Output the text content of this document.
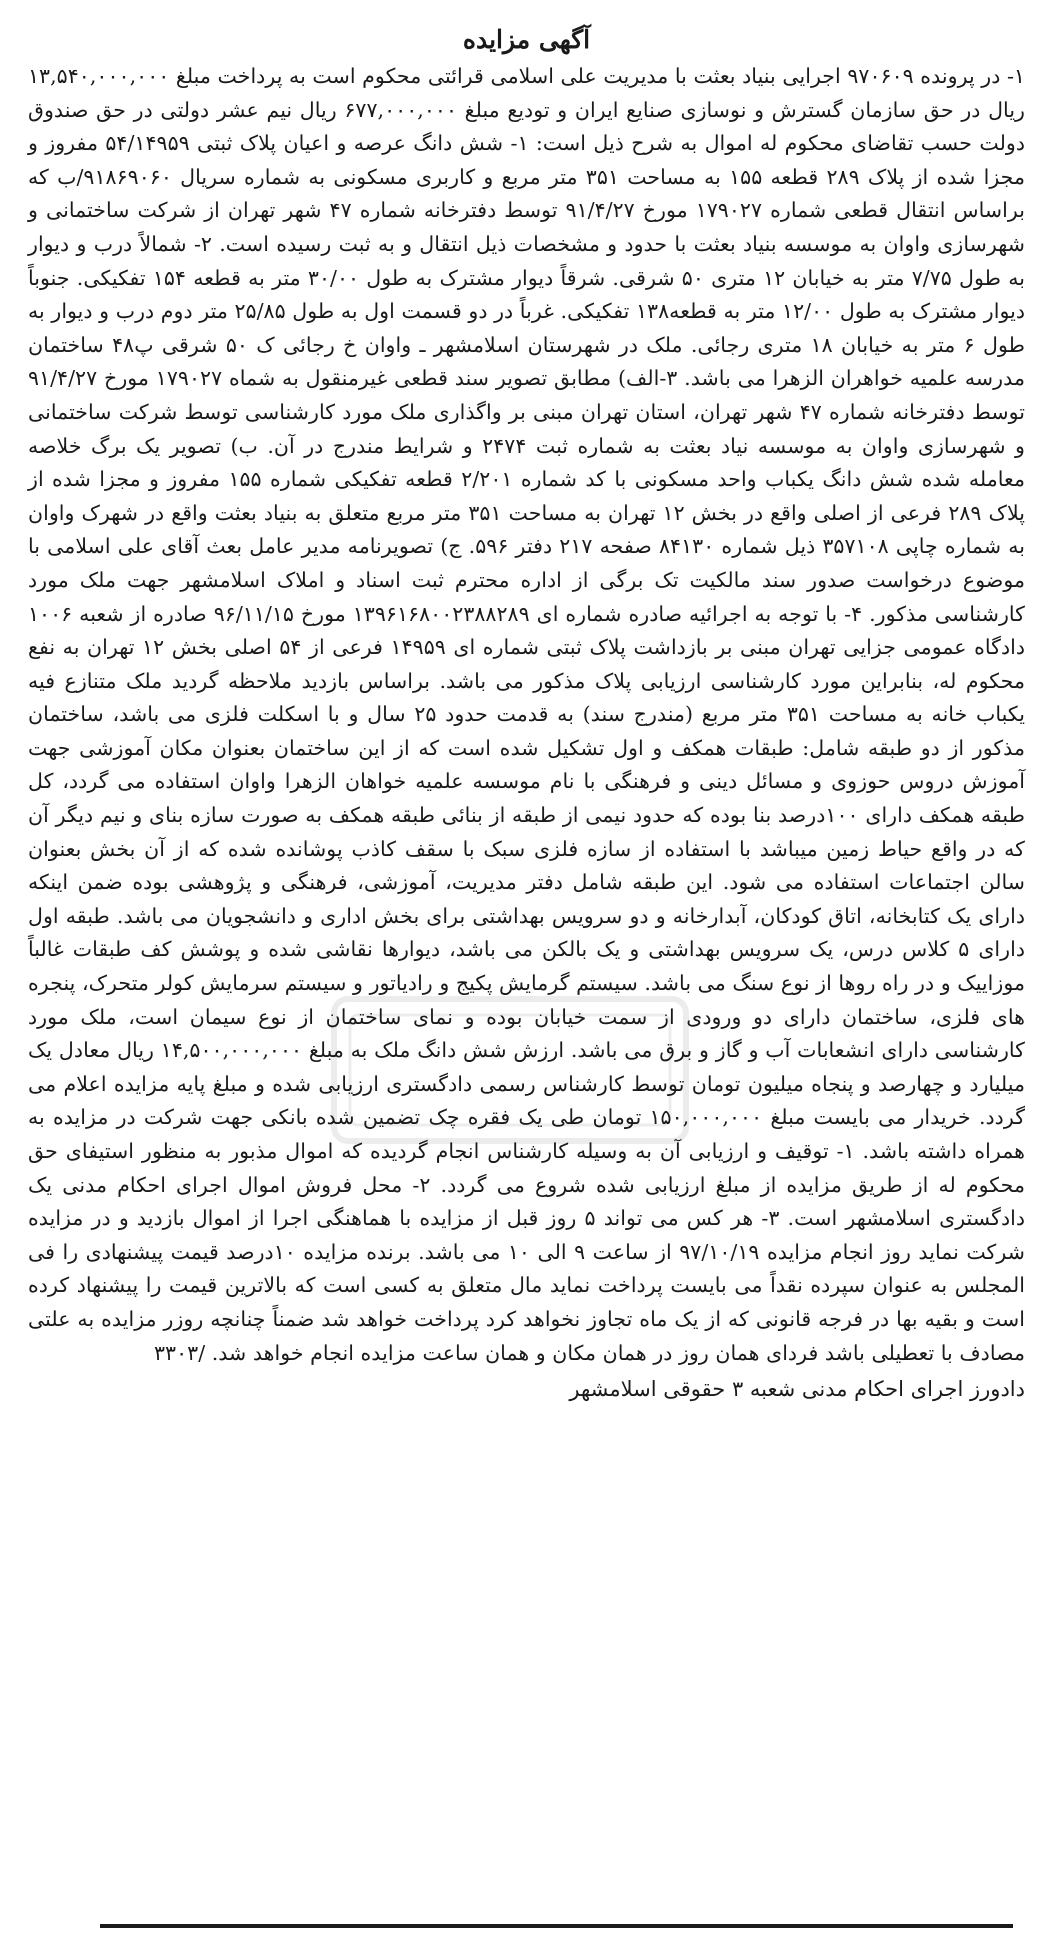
آگهی مزایده

۱- در پرونده ۹۷۰۶۰۹ اجرایی بنیاد بعثت با مدیریت علی اسلامی قرائتی محکوم است به پرداخت مبلغ ۱۳,۵۴۰,۰۰۰,۰۰۰ ریال در حق سازمان گسترش و نوسازی صنایع ایران و تودیع مبلغ ۶۷۷,۰۰۰,۰۰۰ ریال نیم عشر دولتی در حق صندوق دولت حسب تقاضای محکوم له اموال به شرح ذیل است: ۱- شش دانگ عرصه و اعیان پلاک ثبتی ۵۴/۱۴۹۵۹ مفروز و مجزا شده از پلاک ۲۸۹ قطعه ۱۵۵ به مساحت ۳۵۱ متر مربع و کاربری مسکونی به شماره سریال ۹۱۸۶۹۰۶۰/ب که براساس انتقال قطعی شماره ۱۷۹۰۲۷ مورخ ۹۱/۴/۲۷ توسط دفترخانه شماره ۴۷ شهر تهران از شرکت ساختمانی و شهرسازی واوان به موسسه بنیاد بعثت با حدود و مشخصات ذیل انتقال و به ثبت رسیده است. ۲- شمالاً درب و دیوار به طول ۷/۷۵ متر به خیابان ۱۲ متری ۵۰ شرقی. شرقاً دیوار مشترک به طول ۳۰/۰۰ متر به قطعه ۱۵۴ تفکیکی. جنوباً دیوار مشترک به طول ۱۲/۰۰ متر به قطعه۱۳۸ تفکیکی. غرباً در دو قسمت اول به طول ۲۵/۸۵ متر دوم درب و دیوار به طول ۶ متر به خیابان ۱۸ متری رجائی. ملک در شهرستان اسلامشهر ـ واوان خ رجائی ک ۵۰ شرقی پ۴۸ ساختمان مدرسه علمیه خواهران الزهرا می باشد. ۳-الف) مطابق تصویر سند قطعی غیرمنقول به شماه ۱۷۹۰۲۷ مورخ ۹۱/۴/۲۷ توسط دفترخانه شماره ۴۷ شهر تهران، استان تهران مبنی بر واگذاری ملک مورد کارشناسی توسط شرکت ساختمانی و شهرسازی واوان به موسسه نیاد بعثت به شماره ثبت ۲۴۷۴ و شرایط مندرج در آن. ب) تصویر یک برگ خلاصه معامله شده شش دانگ یکباب واحد مسکونی با کد شماره ۲/۲۰۱ قطعه تفکیکی شماره ۱۵۵ مفروز و مجزا شده از پلاک ۲۸۹ فرعی از اصلی واقع در بخش ۱۲ تهران به مساحت ۳۵۱ متر مربع متعلق به بنیاد بعثت واقع در شهرک واوان به شماره چاپی ۳۵۷۱۰۸ ذیل شماره ۸۴۱۳۰ صفحه ۲۱۷ دفتر ۵۹۶. ج) تصویرنامه مدیر عامل بعث آقای علی اسلامی با موضوع درخواست صدور سند مالکیت تک برگی از اداره محترم ثبت اسناد و املاک اسلامشهر جهت ملک مورد کارشناسی مذکور. ۴- با توجه به اجرائیه صادره شماره ای ۱۳۹۶۱۶۸۰۰۲۳۸۸۲۸۹ مورخ ۹۶/۱۱/۱۵ صادره از شعبه ۱۰۰۶ دادگاه عمومی جزایی تهران مبنی بر بازداشت پلاک ثبتی شماره ای ۱۴۹۵۹ فرعی از ۵۴ اصلی بخش ۱۲ تهران به نفع محکوم له، بنابراین مورد کارشناسی ارزیابی پلاک مذکور می باشد. براساس بازدید ملاحظه گردید ملک متنازع فیه یکباب خانه به مساحت ۳۵۱ متر مربع (مندرج سند) به قدمت حدود ۲۵ سال و با اسکلت فلزی می باشد، ساختمان مذکور از دو طبقه شامل: طبقات همکف و اول تشکیل شده است که از این ساختمان بعنوان مکان آموزشی جهت آموزش دروس حوزوی و مسائل دینی و فرهنگی با نام موسسه علمیه خواهان الزهرا واوان استفاده می گردد، کل طبقه همکف دارای ۱۰۰درصد بنا بوده که حدود نیمی از طبقه از بنائی طبقه همکف به صورت سازه بنای و نیم دیگر آن که در واقع حیاط زمین میباشد با استفاده از سازه فلزی سبک با سقف کاذب پوشانده شده که از آن بخش بعنوان سالن اجتماعات استفاده می شود. این طبقه شامل دفتر مدیریت، آموزشی، فرهنگی و پژوهشی بوده ضمن اینکه دارای یک کتابخانه، اتاق کودکان، آبدارخانه و دو سرویس بهداشتی برای بخش اداری و دانشجویان می باشد. طبقه اول دارای ۵ کلاس درس، یک سرویس بهداشتی و یک بالکن می باشد، دیوارها نقاشی شده و پوشش کف طبقات غالباً موزاییک و در راه روها از نوع سنگ می باشد. سیستم گرمایش پکیج و رادیاتور و سیستم سرمایش کولر متحرک، پنجره های فلزی، ساختمان دارای دو ورودی از سمت خیابان بوده و نمای ساختمان از نوع سیمان است، ملک مورد کارشناسی دارای انشعابات آب و گاز و برق می باشد. ارزش شش دانگ ملک به مبلغ ۱۴,۵۰۰,۰۰۰,۰۰۰ ریال معادل یک میلیارد و چهارصد و پنجاه میلیون تومان توسط کارشناس رسمی دادگستری ارزیابی شده و مبلغ پایه مزایده اعلام می گردد. خریدار می بایست مبلغ ۱۵۰,۰۰۰,۰۰۰ تومان طی یک فقره چک تضمین شده بانکی جهت شرکت در مزایده به همراه داشته باشد. ۱- توقیف و ارزیابی آن به وسیله کارشناس انجام گردیده که اموال مذبور به منظور استیفای حق محکوم له از طریق مزایده از مبلغ ارزیابی شده شروع می گردد. ۲- محل فروش اموال اجرای احکام مدنی یک دادگستری اسلامشهر است. ۳- هر کس می تواند ۵ روز قبل از مزایده با هماهنگی اجرا از اموال بازدید و در مزایده شرکت نماید روز انجام مزایده ۹۷/۱۰/۱۹ از ساعت ۹ الی ۱۰ می باشد. برنده مزایده ۱۰درصد قیمت پیشنهادی را فی المجلس به عنوان سپرده نقداً می بایست پرداخت نماید مال متعلق به کسی است که بالاترین قیمت را پیشنهاد کرده است و بقیه بها در فرجه قانونی که از یک ماه تجاوز نخواهد کرد پرداخت خواهد شد ضمناً چنانچه روزر مزایده به علتی مصادف با تعطیلی باشد فردای همان روز در همان مکان و همان ساعت مزایده انجام خواهد شد. /۳۳۰۳

دادورز اجرای احکام مدنی شعبه ۳ حقوقی اسلامشهر
